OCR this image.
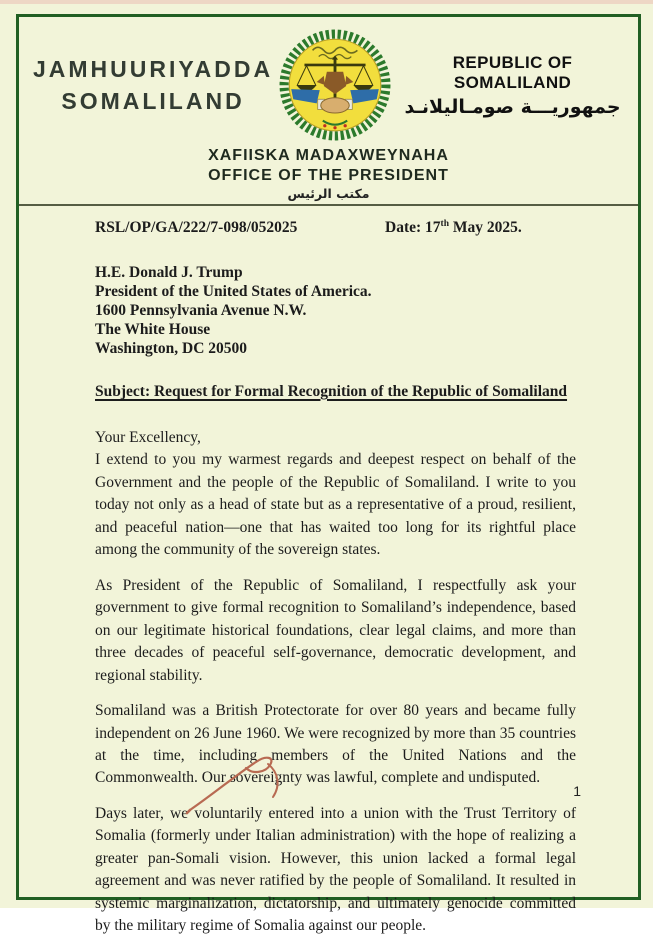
JAMHUURIYADDA
SOMALILAND
REPUBLIC OF SOMALILAND
جمهوريـــة صومـاليلانـد
XAFIISKA MADAXWEYNAHA
OFFICE OF THE PRESIDENT
مكتب الرئيس
RSL/OP/GA/222/7-098/052025	Date: 17th May 2025.
H.E. Donald J. Trump
President of the United States of America.
1600 Pennsylvania Avenue N.W.
The White House
Washington, DC 20500
Subject: Request for Formal Recognition of the Republic of Somaliland
Your Excellency,
I extend to you my warmest regards and deepest respect on behalf of the Government and the people of the Republic of Somaliland. I write to you today not only as a head of state but as a representative of a proud, resilient, and peaceful nation—one that has waited too long for its rightful place among the community of the sovereign states.
As President of the Republic of Somaliland, I respectfully ask your government to give formal recognition to Somaliland’s independence, based on our legitimate historical foundations, clear legal claims, and more than three decades of peaceful self-governance, democratic development, and regional stability.
Somaliland was a British Protectorate for over 80 years and became fully independent on 26 June 1960. We were recognized by more than 35 countries at the time, including members of the United Nations and the Commonwealth. Our sovereignty was lawful, complete and undisputed.
Days later, we voluntarily entered into a union with the Trust Territory of Somalia (formerly under Italian administration) with the hope of realizing a greater pan-Somali vision. However, this union lacked a formal legal agreement and was never ratified by the people of Somaliland. It resulted in systemic marginalization, dictatorship, and ultimately genocide committed by the military regime of Somalia against our people.
1
